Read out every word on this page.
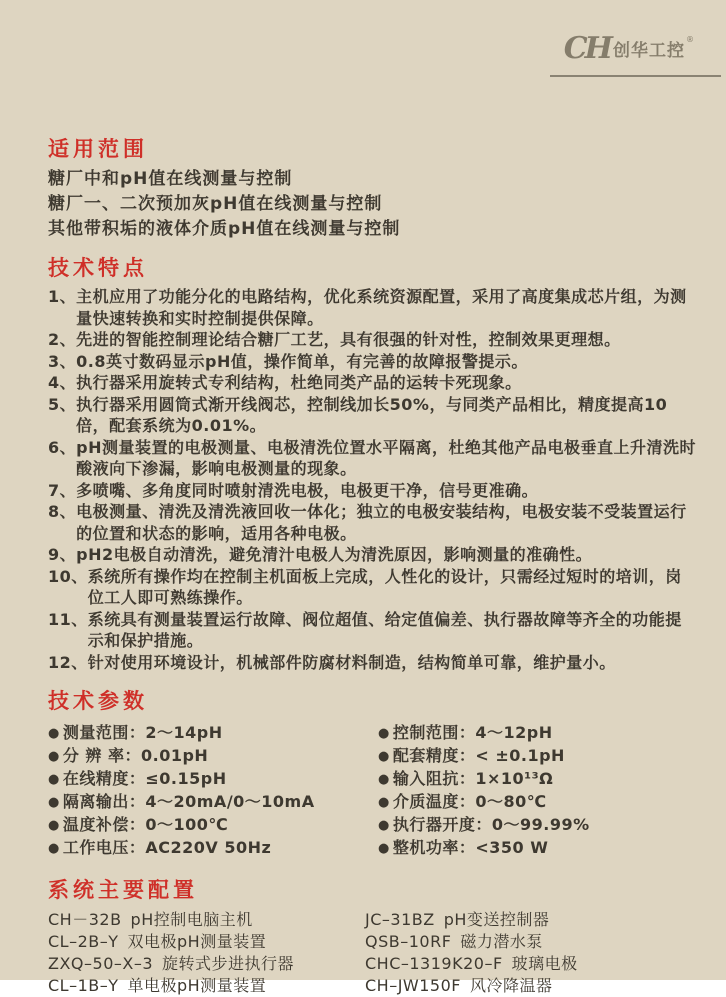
CH 创华工控
®
适用范围
糖厂中和pH值在线测量与控制
糖厂一、二次预加灰pH值在线测量与控制
其他带积垢的液体介质pH值在线测量与控制
技术特点
1、 主机应用了功能分化的电路结构，优化系统资源配置，采用了高度集成芯片组，为测量快速转换和实时控制提供保障。
2、 先进的智能控制理论结合糖厂工艺，具有很强的针对性，控制效果更理想。
3、 0.8英寸数码显示pH值，操作简单，有完善的故障报警提示。
4、 执行器采用旋转式专利结构，杜绝同类产品的运转卡死现象。
5、 执行器采用圆筒式渐开线阀芯，控制线加长50%，与同类产品相比，精度提高10倍，配套系统为0.01%。
6、 pH测量装置的电极测量、电极清洗位置水平隔离，杜绝其他产品电极垂直上升清洗时酸液向下渗漏，影响电极测量的现象。
7、 多喷嘴、多角度同时喷射清洗电极，电极更干净，信号更准确。
8、 电极测量、清洗及清洗液回收一体化；独立的电极安装结构，电极安装不受装置运行的位置和状态的影响，适用各种电极。
9、 pH2电极自动清洗，避免清汁电极人为清洗原因，影响测量的准确性。
10、 系统所有操作均在控制主机面板上完成，人性化的设计，只需经过短时的培训，岗位工人即可熟练操作。
11、 系统具有测量装置运行故障、阀位超值、给定值偏差、执行器故障等齐全的功能提示和保护措施。
12、 针对使用环境设计，机械部件防腐材料制造，结构简单可靠，维护量小。
技术参数
● 测量范围： 2～14pH
● 分 辨 率： 0.01pH
● 在线精度： ≤0.15pH
● 隔离输出： 4～20mA/0～10mA
● 温度补偿： 0～100℃
● 工作电压： AC220V 50Hz
● 控制范围： 4～12pH
● 配套精度： < ±0.1pH
● 输入阻抗： 1×10¹³Ω
● 介质温度： 0～80℃
● 执行器开度： 0～99.99%
● 整机功率： <350 W
系统主要配置
CH－32B pH控制电脑主机
CL–2B–Y 双电极pH测量装置
ZXQ–50–X–3 旋转式步进执行器
CL–1B–Y 单电极pH测量装置
JC–31BZ pH变送控制器
QSB–10RF 磁力潜水泵
CHC–1319K20–F 玻璃电极
CH–JW150F 风冷降温器
